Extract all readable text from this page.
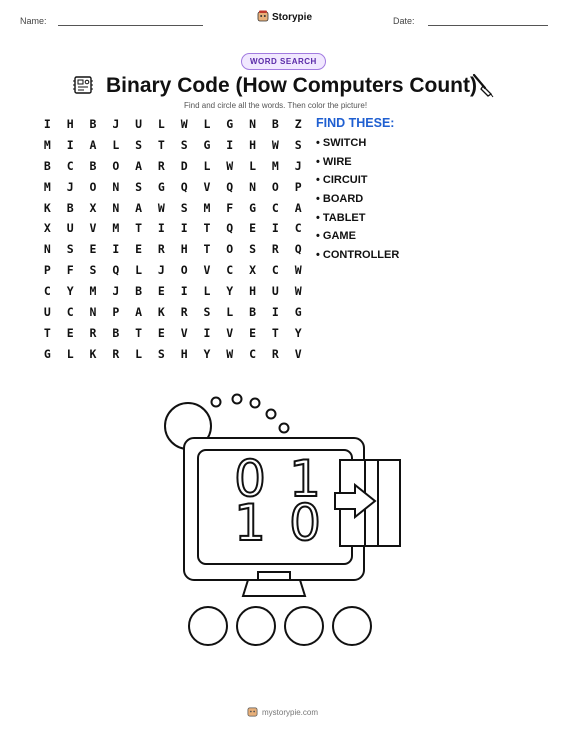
Name:	Storypie	Date:
WORD SEARCH
Binary Code (How Computers Count)
Find and circle all the words. Then color the picture!
I	H	B	J	U	L	W	L	G	N	B	Z
M	I	A	L	S	T	S	G	I	H	W	S
B	C	B	O	A	R	D	L	W	L	M	J
M	J	O	N	S	G	Q	V	Q	N	O	P
K	B	X	N	A	W	S	M	F	G	C	A
X	U	V	M	T	I	I	T	Q	E	I	C
N	S	E	I	E	R	H	T	O	S	R	Q
P	F	S	Q	L	J	O	V	C	X	C	W
C	Y	M	J	B	E	I	L	Y	H	U	W
U	C	N	P	A	K	R	S	L	B	I	G
T	E	R	B	T	E	V	I	V	E	T	Y
G	L	K	R	L	S	H	Y	W	C	R	V
FIND THESE:
• SWITCH
• WIRE
• CIRCUIT
• BOARD
• TABLET
• GAME
• CONTROLLER
0 1
1 0
mystorypie.com
